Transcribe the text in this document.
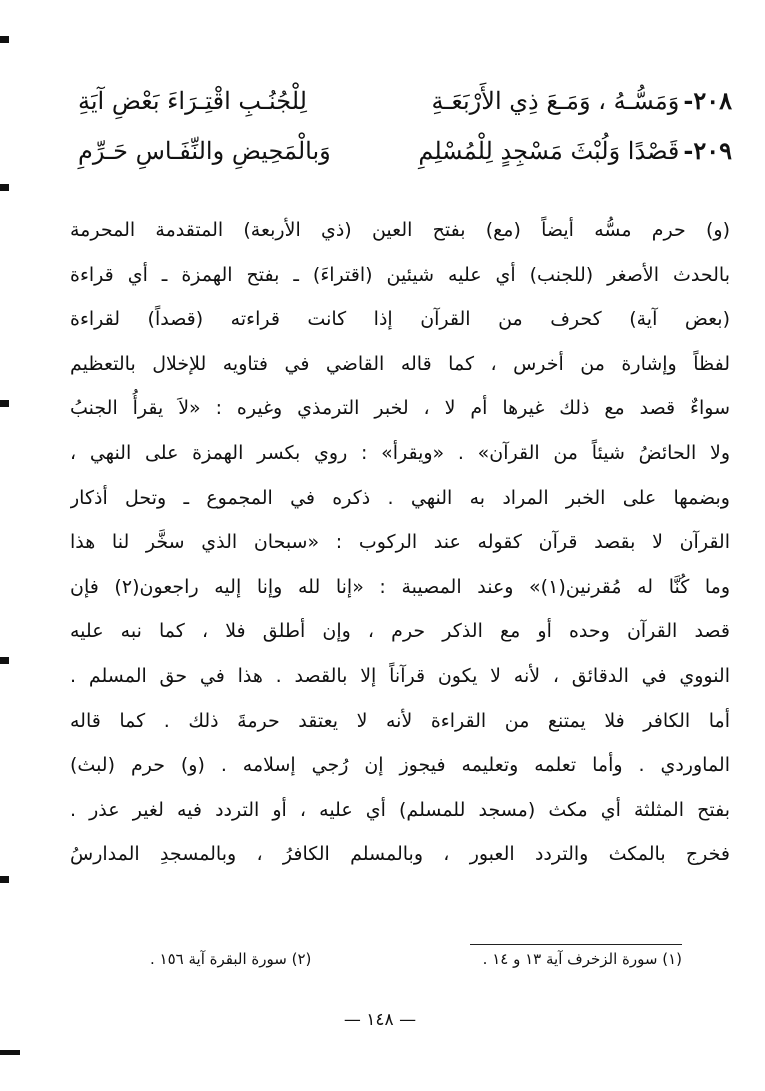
٢٠٨-
وَمَسُّـهُ ، وَمَـعَ ذِي الأَرْبَعَـةِ
لِلْجُنُـبِ اقْتِـرَاءَ بَعْضِ آيَةِ
٢٠٩-
قَصْدًا وَلُبْثَ مَسْجِدٍ لِلْمُسْلِمِ
وَبالْمَحِيضِ والنِّفَـاسِ حَـرِّمِ
(و) حرم مسُّه أيضاً (مع) بفتح العين (ذي الأربعة) المتقدمة المحرمة
بالحدث الأصغر (للجنب) أي عليه شيئين (اقتراءَ) ـ بفتح الهمزة ـ أي قراءة
(بعض آية) كحرف من القرآن إذا كانت قراءته (قصداً) لقراءة
لفظاً وإشارة من أخرس ، كما قاله القاضي في فتاويه للإخلال بالتعظيم
سواءٌ قصد مع ذلك غيرها أم لا ، لخبر الترمذي وغيره : «لاَ يقرأُ الجنبُ
ولا الحائضُ شيئاً من القرآن» . «ويقرأ» : روي بكسر الهمزة على النهي ،
وبضمها على الخبر المراد به النهي . ذكره في المجموع ـ وتحل أذكار
القرآن لا بقصد قرآن كقوله عند الركوب : «سبحان الذي سخَّر لنا هذا
وما كُنَّا له مُقرنين(١)» وعند المصيبة : «إنا لله وإنا إليه راجعون(٢) فإن
قصد القرآن وحده أو مع الذكر حرم ، وإن أطلق فلا ، كما نبه عليه
النووي في الدقائق ، لأنه لا يكون قرآناً إلا بالقصد . هذا في حق المسلم .
أما الكافر فلا يمتنع من القراءة لأنه لا يعتقد حرمةَ ذلك . كما قاله
الماوردي . وأما تعلمه وتعليمه فيجوز إن رُجي إسلامه . (و) حرم (لبث)
بفتح المثلثة أي مكث (مسجد للمسلم) أي عليه ، أو التردد فيه لغير عذر .
فخرج بالمكث والتردد العبور ، وبالمسلم الكافرُ ، وبالمسجدِ المدارسُ
(١) سورة الزخرف آية ١٣ و ١٤ .
(٢) سورة البقرة آية ١٥٦ .
— ١٤٨ —
